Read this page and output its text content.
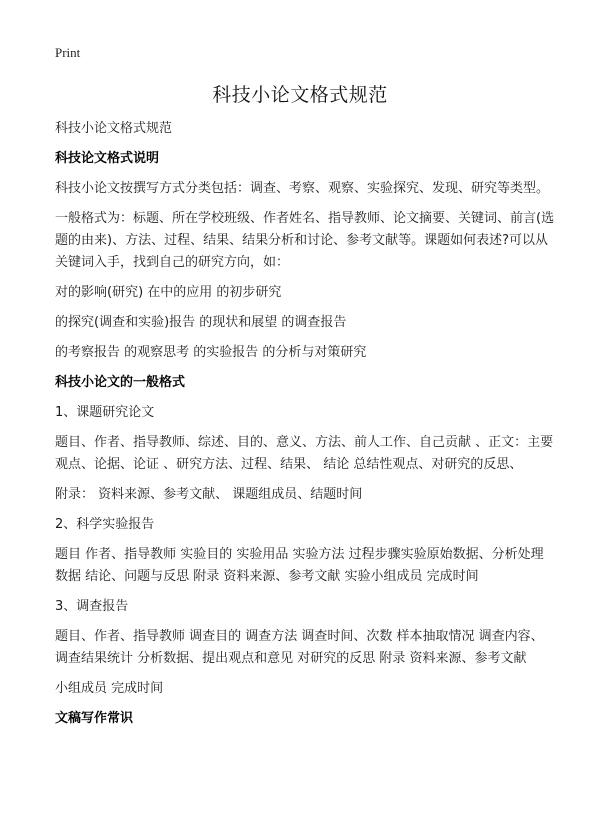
Print
科技小论文格式规范
科技小论文格式规范
科技论文格式说明
科技小论文按撰写方式分类包括：调查、考察、观察、实验探究、发现、研究等类型。
一般格式为：标题、所在学校班级、作者姓名、指导教师、论文摘要、关键词、前言(选题的由来)、方法、过程、结果、结果分析和讨论、参考文献等。课题如何表述?可以从关键词入手，找到自己的研究方向，如：
对的影响(研究) 在中的应用 的初步研究
的探究(调查和实验)报告 的现状和展望 的调查报告
的考察报告 的观察思考 的实验报告 的分析与对策研究
科技小论文的一般格式
1、课题研究论文
题目、作者、指导教师、综述、目的、意义、方法、前人工作、自己贡献 、正文：主要观点、论据、论证 、研究方法、过程、结果、 结论 总结性观点、对研究的反思、
附录： 资料来源、参考文献、 课题组成员、结题时间
2、科学实验报告
题目 作者、指导教师 实验目的 实验用品 实验方法 过程步骤实验原始数据、分析处理数据 结论、问题与反思 附录 资料来源、参考文献 实验小组成员 完成时间
3、调查报告
题目、作者、指导教师 调查目的 调查方法 调查时间、次数 样本抽取情况 调查内容、调查结果统计 分析数据、提出观点和意见 对研究的反思 附录 资料来源、参考文献
小组成员 完成时间
文稿写作常识
